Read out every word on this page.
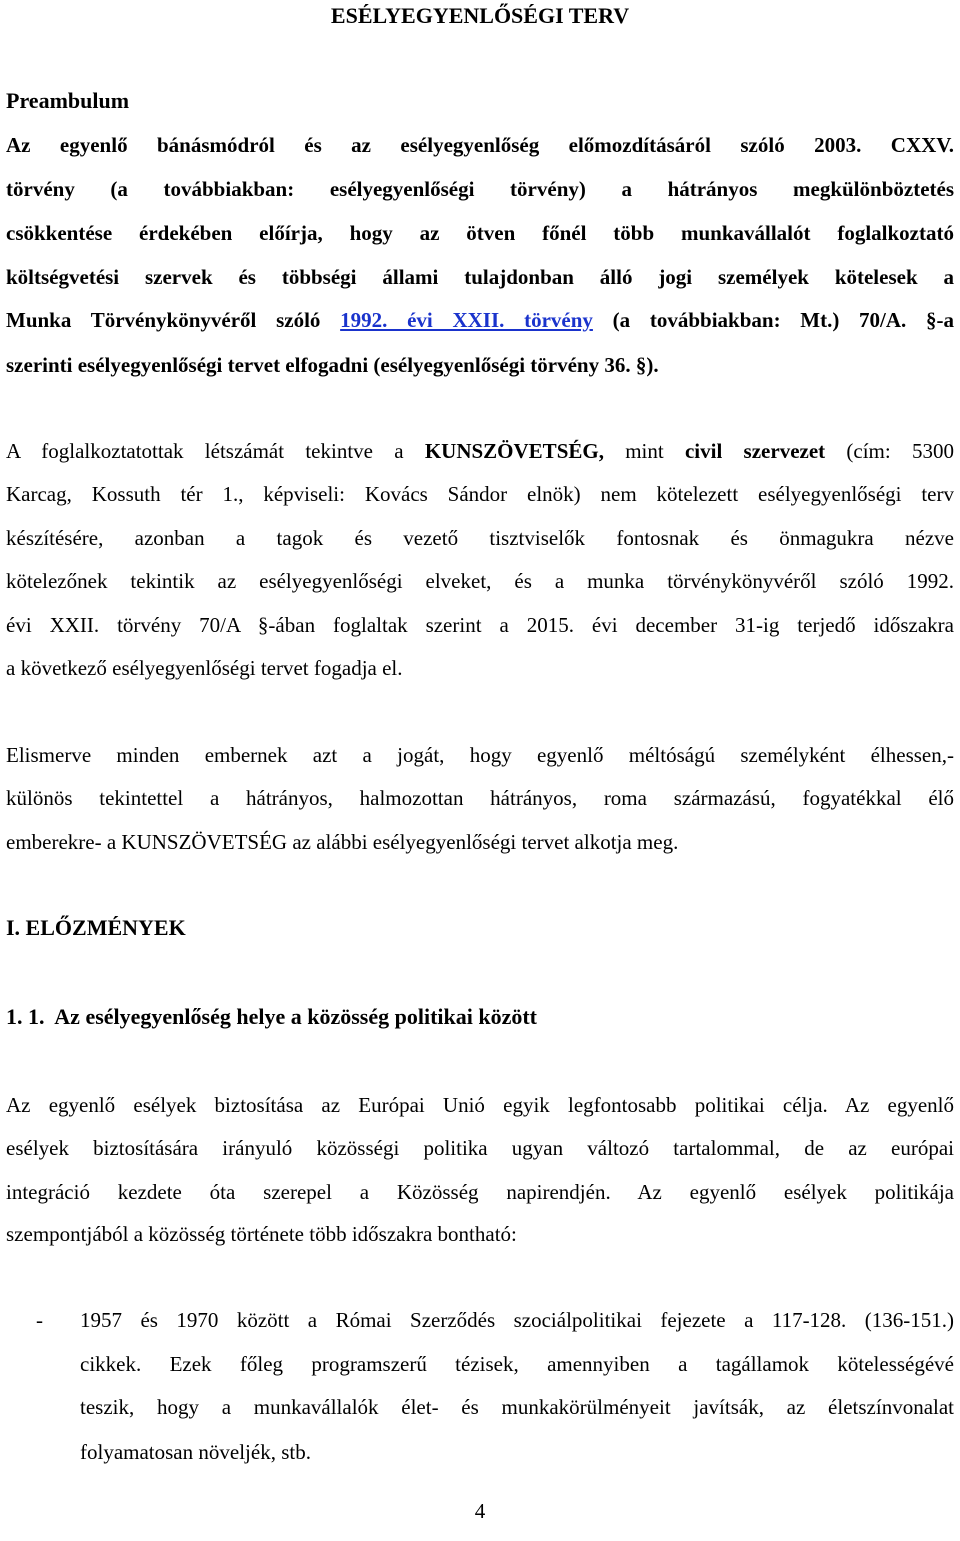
ESÉLYEGYENLŐSÉGI TERV
Preambulum
Az egyenlő bánásmódról és az esélyegyenlőség előmozdításáról szóló 2003. CXXV.
törvény (a továbbiakban: esélyegyenlőségi törvény) a hátrányos megkülönböztetés
csökkentése érdekében előírja, hogy az ötven főnél több munkavállalót foglalkoztató
költségvetési szervek és többségi állami tulajdonban álló jogi személyek kötelesek a
Munka Törvénykönyvéről szóló 1992. évi XXII. törvény (a továbbiakban: Mt.) 70/A. §-a
szerinti esélyegyenlőségi tervet elfogadni (esélyegyenlőségi törvény 36. §).
A foglalkoztatottak létszámát tekintve a KUNSZÖVETSÉG, mint civil szervezet (cím: 5300
Karcag, Kossuth tér 1., képviseli: Kovács Sándor elnök) nem kötelezett esélyegyenlőségi terv
készítésére, azonban a tagok és vezető tisztviselők fontosnak és önmagukra nézve
kötelezőnek tekintik az esélyegyenlőségi elveket, és a munka törvénykönyvéről szóló 1992.
évi XXII. törvény 70/A §-ában foglaltak szerint a 2015. évi december 31-ig terjedő időszakra
a következő esélyegyenlőségi tervet fogadja el.
Elismerve minden embernek azt a jogát, hogy egyenlő méltóságú személyként élhessen,-
különös tekintettel a hátrányos, halmozottan hátrányos, roma származású, fogyatékkal élő
emberekre- a KUNSZÖVETSÉG az alábbi esélyegyenlőségi tervet alkotja meg.
I. ELŐZMÉNYEK
1. 1.  Az esélyegyenlőség helye a közösség politikai között
Az egyenlő esélyek biztosítása az Európai Unió egyik legfontosabb politikai célja. Az egyenlő
esélyek biztosítására irányuló közösségi politika ugyan változó tartalommal, de az európai
integráció kezdete óta szerepel a Közösség napirendjén. Az egyenlő esélyek politikája
szempontjából a közösség története több időszakra bontható:
- 1957 és 1970 között a Római Szerződés szociálpolitikai fejezete a 117-128. (136-151.)
cikkek. Ezek főleg programszerű tézisek, amennyiben a tagállamok kötelességévé
teszik, hogy a munkavállalók élet- és munkakörülményeit javítsák, az életszínvonalat
folyamatosan növeljék, stb.
4
